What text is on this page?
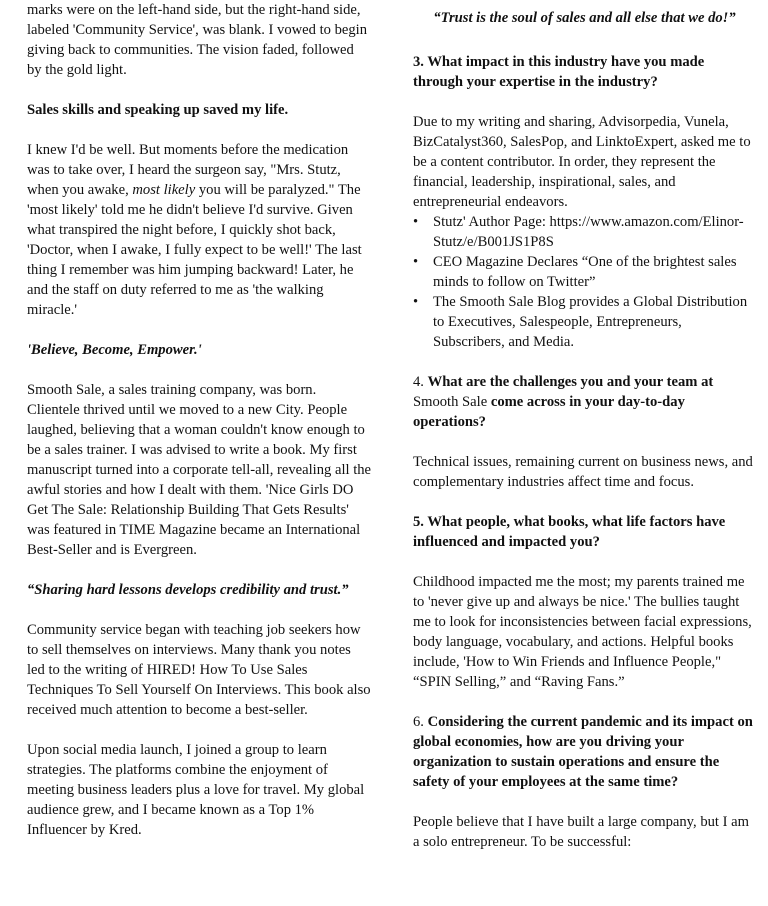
marks were on the left-hand side, but the right-hand side, labeled 'Community Service', was blank. I vowed to begin giving back to communities. The vision faded, followed by the gold light.

Sales skills and speaking up saved my life.

I knew I'd be well. But moments before the medication was to take over, I heard the surgeon say, "Mrs. Stutz, when you awake, most likely you will be paralyzed." The 'most likely' told me he didn't believe I'd survive. Given what transpired the night before, I quickly shot back, 'Doctor, when I awake, I fully expect to be well!' The last thing I remember was him jumping backward! Later, he and the staff on duty referred to me as 'the walking miracle.'

'Believe, Become, Empower.'

Smooth Sale, a sales training company, was born. Clientele thrived until we moved to a new City. People laughed, believing that a woman couldn't know enough to be a sales trainer. I was advised to write a book. My first manuscript turned into a corporate tell-all, revealing all the awful stories and how I dealt with them. 'Nice Girls DO Get The Sale: Relationship Building That Gets Results' was featured in TIME Magazine became an International Best-Seller and is Evergreen.

“Sharing hard lessons develops credibility and trust.”

Community service began with teaching job seekers how to sell themselves on interviews. Many thank you notes led to the writing of HIRED! How To Use Sales Techniques To Sell Yourself On Interviews. This book also received much attention to become a best-seller.

Upon social media launch, I joined a group to learn strategies. The platforms combine the enjoyment of meeting business leaders plus a love for travel. My global audience grew, and I became known as a Top 1% Influencer by Kred.

“Trust is the soul of sales and all else that we do!”

3. What impact in this industry have you made through your expertise in the industry?

Due to my writing and sharing, Advisorpedia, Vunela, BizCatalyst360, SalesPop, and LinktoExpert, asked me to be a content contributor. In order, they represent the financial, leadership, inspirational, sales, and entrepreneurial endeavors.

• Stutz' Author Page: https://www.amazon.com/Elinor-Stutz/e/B001JS1P8S
• CEO Magazine Declares “One of the brightest sales minds to follow on Twitter”
• The Smooth Sale Blog provides a Global Distribution to Executives, Salespeople, Entrepreneurs, Subscribers, and Media.

4. What are the challenges you and your team at Smooth Sale come across in your day-to-day operations?

Technical issues, remaining current on business news, and complementary industries affect time and focus.

5. What people, what books, what life factors have influenced and impacted you?

Childhood impacted me the most; my parents trained me to 'never give up and always be nice.' The bullies taught me to look for inconsistencies between facial expressions, body language, vocabulary, and actions. Helpful books include, 'How to Win Friends and Influence People," “SPIN Selling,” and “Raving Fans.”

6. Considering the current pandemic and its impact on global economies, how are you driving your organization to sustain operations and ensure the safety of your employees at the same time?

People believe that I have built a large company, but I am a solo entrepreneur. To be successful:
